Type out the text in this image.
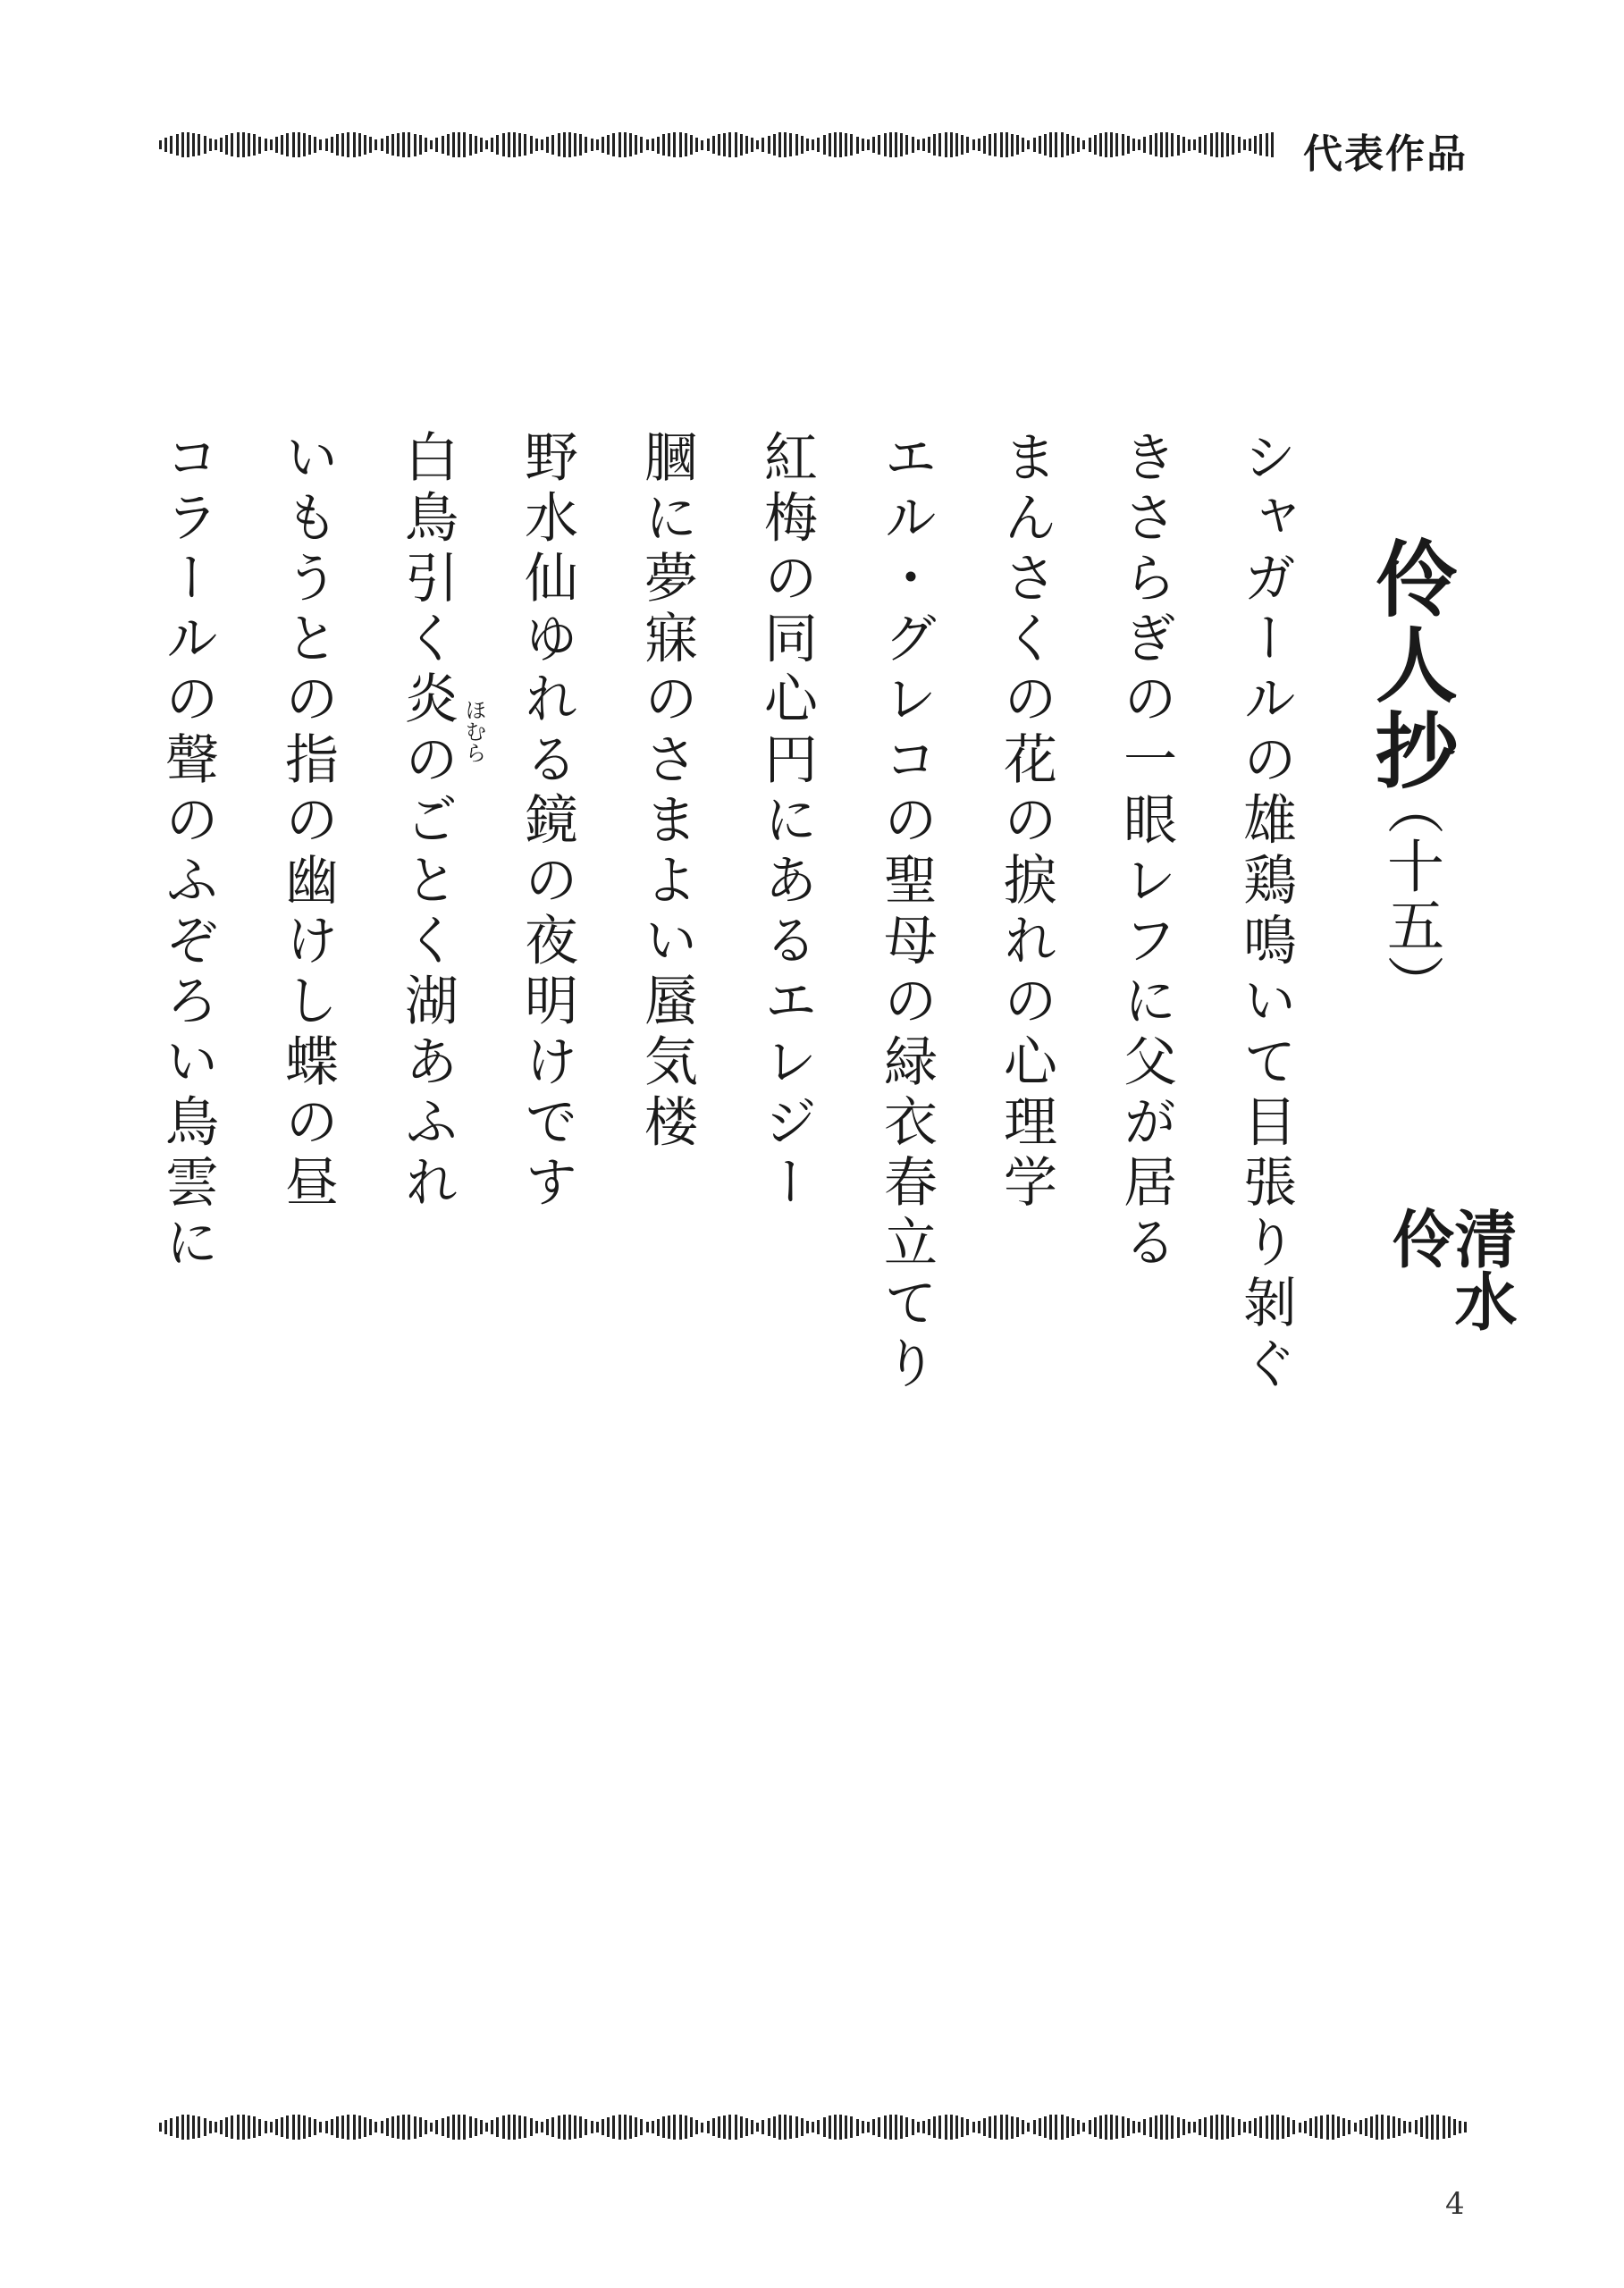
代表作品
伶人抄
（十五）
清水
伶
シャガールの雄鶏鳴いて目張り剝ぐ
きさらぎの一眼レフに父が居る
まんさくの花の捩れの心理学
エル・グレコの聖母の緑衣春立てり
紅梅の同心円にあるエレジー
膕に夢寐のさまよい蜃気楼
野水仙ゆれる鏡の夜明けです
白鳥引く炎のごとく湖あふれ
いもうとの指の幽けし蝶の昼
コラールの聲のふぞろい鳥雲に	ほむら
4
